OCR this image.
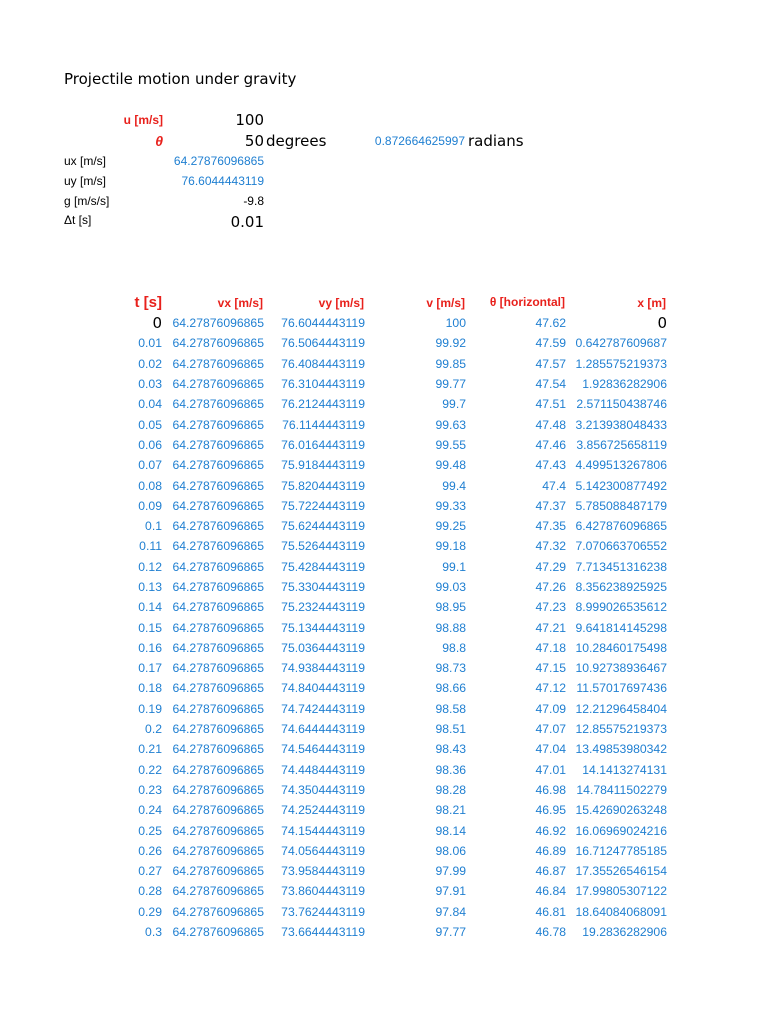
Projectile motion under gravity
u [m/s]	100
θ	50 degrees	0.872664625997 radians
ux [m/s]	64.27876096865
uy [m/s]	76.6044443119
g [m/s/s]	-9.8
Δt [s]	0.01
t [s]	vx [m/s]	vy [m/s]	v [m/s]	θ [horizontal]	x [m]
0	64.27876096865	76.6044443119	100	47.62	0
0.01	64.27876096865	76.5064443119	99.92	47.59	0.642787609687
0.02	64.27876096865	76.4084443119	99.85	47.57	1.285575219373
0.03	64.27876096865	76.3104443119	99.77	47.54	1.92836282906
0.04	64.27876096865	76.2124443119	99.7	47.51	2.571150438746
0.05	64.27876096865	76.1144443119	99.63	47.48	3.213938048433
0.06	64.27876096865	76.0164443119	99.55	47.46	3.856725658119
0.07	64.27876096865	75.9184443119	99.48	47.43	4.499513267806
0.08	64.27876096865	75.8204443119	99.4	47.4	5.142300877492
0.09	64.27876096865	75.7224443119	99.33	47.37	5.785088487179
0.1	64.27876096865	75.6244443119	99.25	47.35	6.427876096865
0.11	64.27876096865	75.5264443119	99.18	47.32	7.070663706552
0.12	64.27876096865	75.4284443119	99.1	47.29	7.713451316238
0.13	64.27876096865	75.3304443119	99.03	47.26	8.356238925925
0.14	64.27876096865	75.2324443119	98.95	47.23	8.999026535612
0.15	64.27876096865	75.1344443119	98.88	47.21	9.641814145298
0.16	64.27876096865	75.0364443119	98.8	47.18	10.28460175498
0.17	64.27876096865	74.9384443119	98.73	47.15	10.92738936467
0.18	64.27876096865	74.8404443119	98.66	47.12	11.57017697436
0.19	64.27876096865	74.7424443119	98.58	47.09	12.21296458404
0.2	64.27876096865	74.6444443119	98.51	47.07	12.85575219373
0.21	64.27876096865	74.5464443119	98.43	47.04	13.49853980342
0.22	64.27876096865	74.4484443119	98.36	47.01	14.1413274131
0.23	64.27876096865	74.3504443119	98.28	46.98	14.78411502279
0.24	64.27876096865	74.2524443119	98.21	46.95	15.42690263248
0.25	64.27876096865	74.1544443119	98.14	46.92	16.06969024216
0.26	64.27876096865	74.0564443119	98.06	46.89	16.71247785185
0.27	64.27876096865	73.9584443119	97.99	46.87	17.35526546154
0.28	64.27876096865	73.8604443119	97.91	46.84	17.99805307122
0.29	64.27876096865	73.7624443119	97.84	46.81	18.64084068091
0.3	64.27876096865	73.6644443119	97.77	46.78	19.2836282906
